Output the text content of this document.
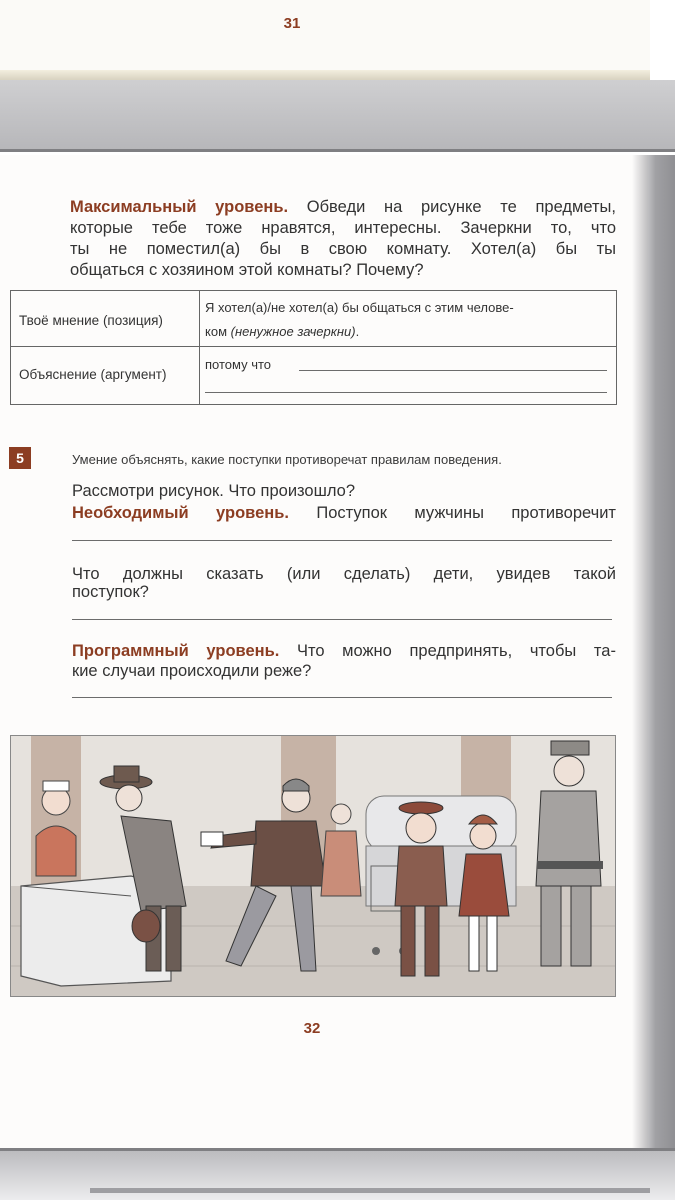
31
Максимальный уровень. Обведи на рисунке те предметы,
которые тебе тоже нравятся, интересны. Зачеркни то, что
ты не поместил(а) бы в свою комнату. Хотел(а) бы ты
общаться с хозяином этой комнаты? Почему?
Твоё мнение (позиция)
Я хотел(а)/не хотел(а) бы общаться с этим челове-
ком (ненужное зачеркни).
Объяснение (аргумент)
потому что
5	Умение объяснять, какие поступки противоречат правилам поведения.
Рассмотри рисунок. Что произошло?
Необходимый уровень. Поступок мужчины противоречит
Что должны сказать (или сделать) дети, увидев такой
поступок?
Программный уровень. Что можно предпринять, чтобы та-
кие случаи происходили реже?
32
